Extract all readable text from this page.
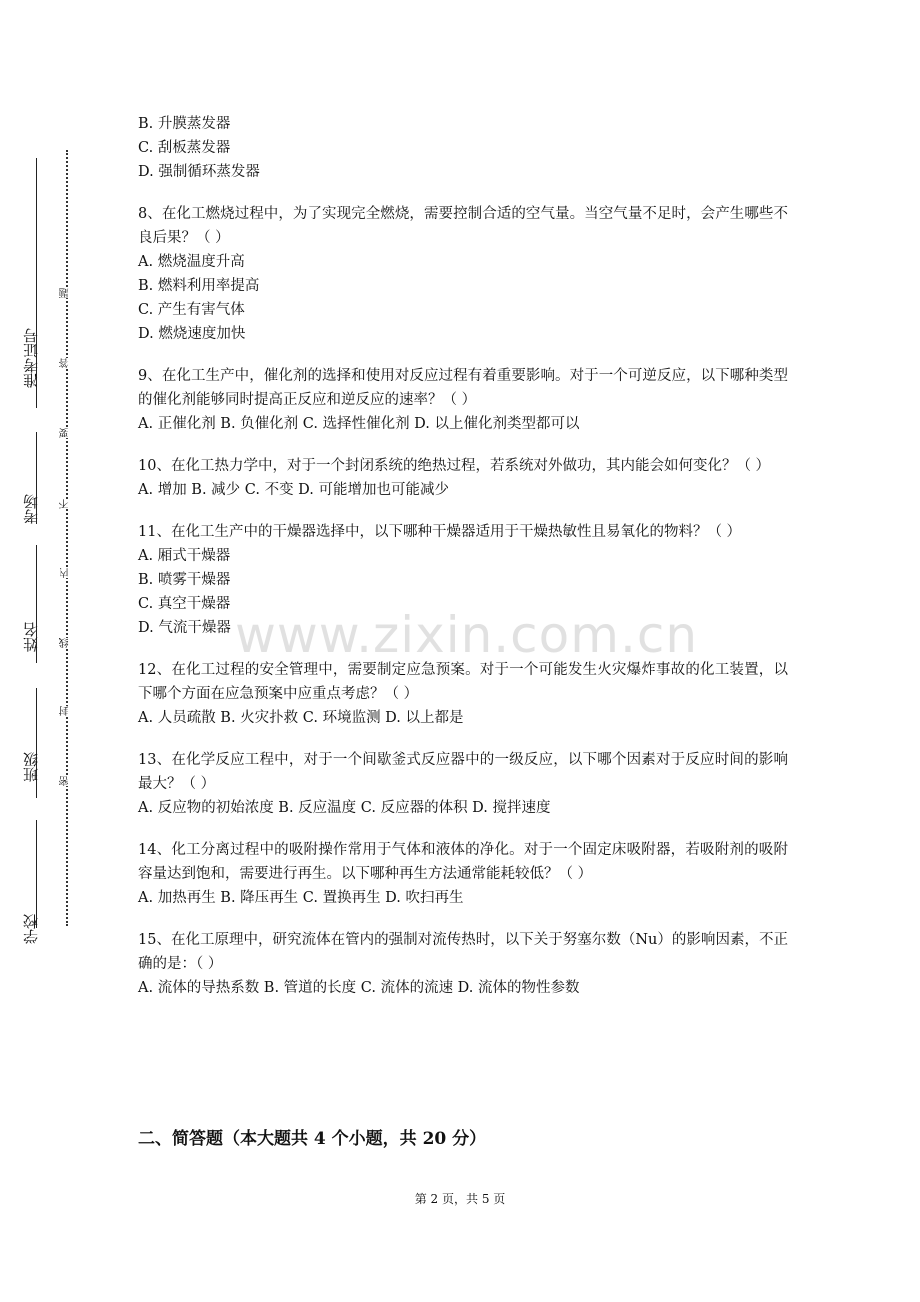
准考证号
考场
姓名
班级
学校
题
答
要
不
内
线
封
密
www.zixin.com.cn
B. 升膜蒸发器
C. 刮板蒸发器
D. 强制循环蒸发器
8、在化工燃烧过程中，为了实现完全燃烧，需要控制合适的空气量。当空气量不足时，会产生哪些不良后果？（ ）
A. 燃烧温度升高
B. 燃料利用率提高
C. 产生有害气体
D. 燃烧速度加快
9、在化工生产中，催化剂的选择和使用对反应过程有着重要影响。对于一个可逆反应，以下哪种类型的催化剂能够同时提高正反应和逆反应的速率？（ ）
A. 正催化剂 B. 负催化剂 C. 选择性催化剂 D. 以上催化剂类型都可以
10、在化工热力学中，对于一个封闭系统的绝热过程，若系统对外做功，其内能会如何变化？（ ）
A. 增加 B. 减少 C. 不变 D. 可能增加也可能减少
11、在化工生产中的干燥器选择中，以下哪种干燥器适用于干燥热敏性且易氧化的物料？（ ）
A. 厢式干燥器
B. 喷雾干燥器
C. 真空干燥器
D. 气流干燥器
12、在化工过程的安全管理中，需要制定应急预案。对于一个可能发生火灾爆炸事故的化工装置，以下哪个方面在应急预案中应重点考虑？（ ）
A. 人员疏散 B. 火灾扑救 C. 环境监测 D. 以上都是
13、在化学反应工程中，对于一个间歇釜式反应器中的一级反应，以下哪个因素对于反应时间的影响最大？（ ）
A. 反应物的初始浓度 B. 反应温度 C. 反应器的体积 D. 搅拌速度
14、化工分离过程中的吸附操作常用于气体和液体的净化。对于一个固定床吸附器，若吸附剂的吸附容量达到饱和，需要进行再生。以下哪种再生方法通常能耗较低？（ ）
A. 加热再生 B. 降压再生 C. 置换再生 D. 吹扫再生
15、在化工原理中，研究流体在管内的强制对流传热时，以下关于努塞尔数（Nu）的影响因素，不正确的是：（ ）
A. 流体的导热系数 B. 管道的长度 C. 流体的流速 D. 流体的物性参数
二、简答题（本大题共 4 个小题，共 20 分）
第 2 页，共 5 页
